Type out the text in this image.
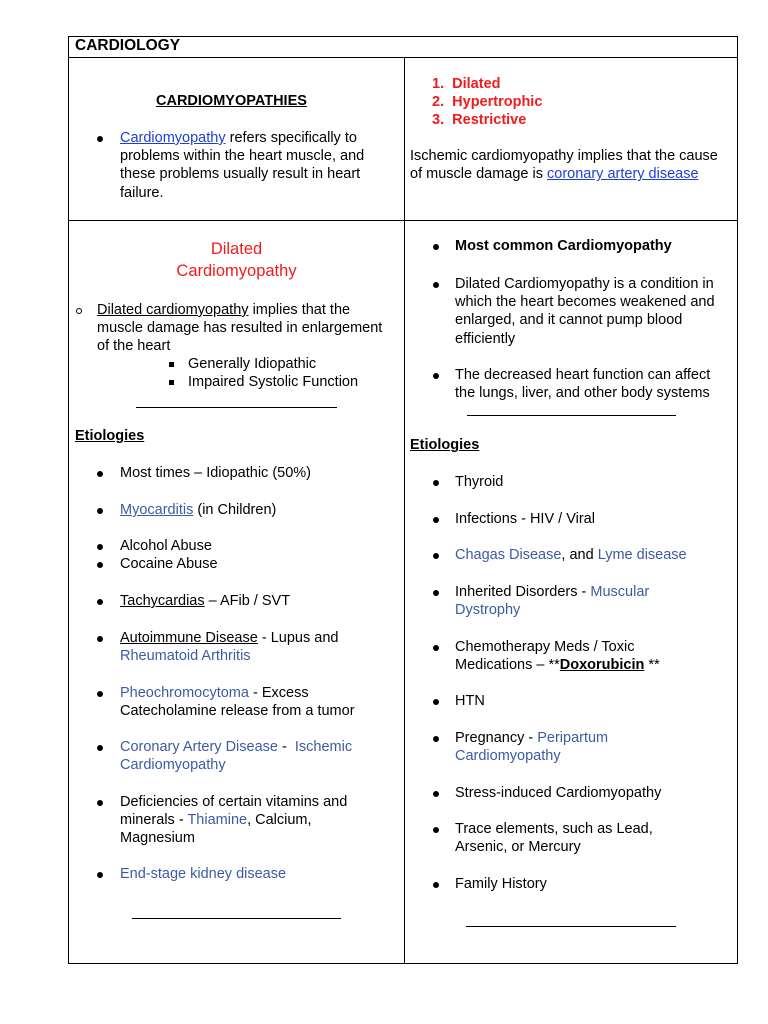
CARDIOLOGY
CARDIOMYOPATHIES
Cardiomyopathy refers specifically to
problems within the heart muscle, and
these problems usually result in heart
failure.
1.  Dilated
2.  Hypertrophic
3.  Restrictive
Ischemic cardiomyopathy implies that the cause
of muscle damage is coronary artery disease
Dilated
Cardiomyopathy
Dilated cardiomyopathy implies that the
muscle damage has resulted in enlargement
of the heart
Generally Idiopathic
Impaired Systolic Function
Etiologies
Most times – Idiopathic (50%)
Myocarditis (in Children)
Alcohol Abuse
Cocaine Abuse
Tachycardias – AFib / SVT
Autoimmune Disease - Lupus and
Rheumatoid Arthritis
Pheochromocytoma - Excess
Catecholamine release from a tumor
Coronary Artery Disease -  Ischemic
Cardiomyopathy
Deficiencies of certain vitamins and
minerals - Thiamine, Calcium,
Magnesium
End-stage kidney disease
Most common Cardiomyopathy
Dilated Cardiomyopathy is a condition in
which the heart becomes weakened and
enlarged, and it cannot pump blood
efficiently
The decreased heart function can affect
the lungs, liver, and other body systems
Etiologies
Thyroid
Infections - HIV / Viral
Chagas Disease, and Lyme disease
Inherited Disorders - Muscular
Dystrophy
Chemotherapy Meds / Toxic
Medications – **Doxorubicin **
HTN
Pregnancy - Peripartum
Cardiomyopathy
Stress-induced Cardiomyopathy
Trace elements, such as Lead,
Arsenic, or Mercury
Family History
